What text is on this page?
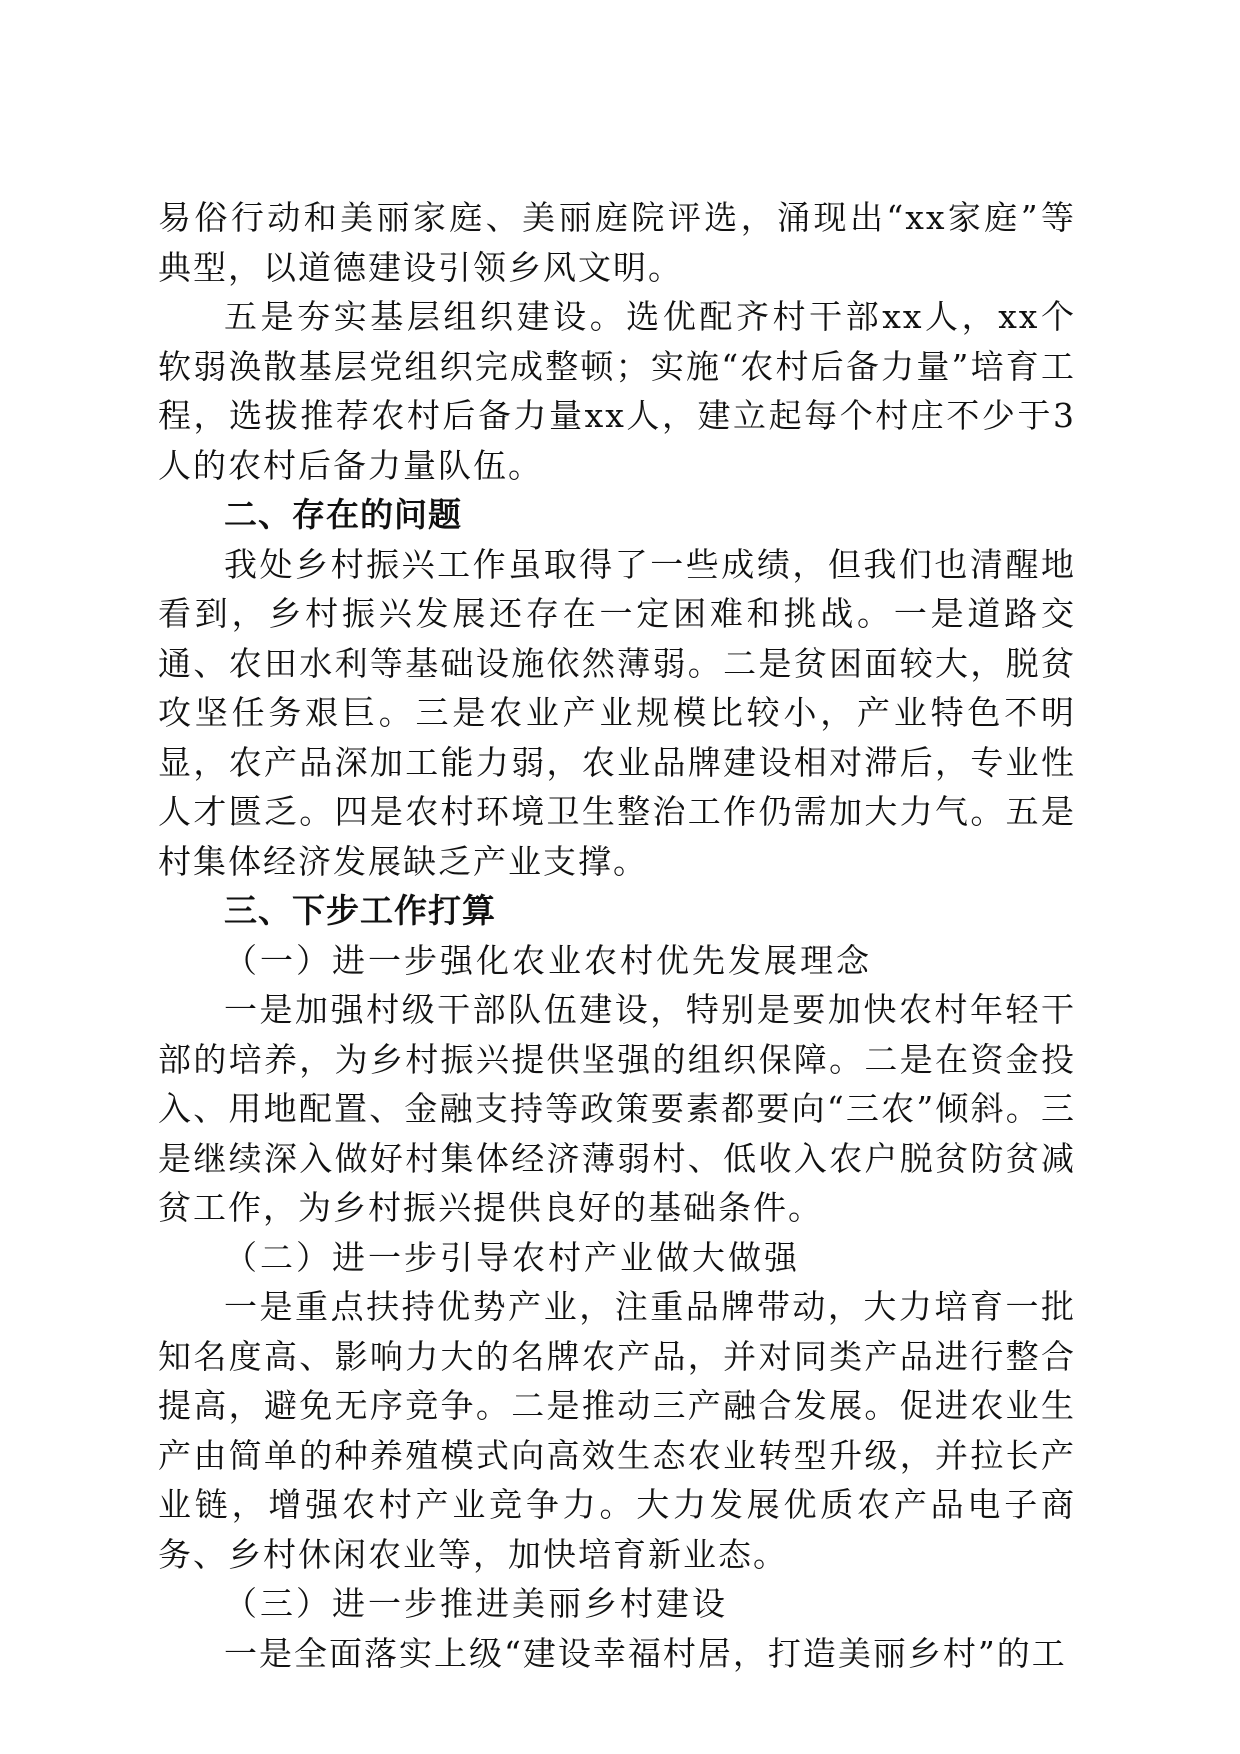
易俗行动和美丽家庭、美丽庭院评选，涌现出“xx家庭”等典型，以道德建设引领乡风文明。

五是夯实基层组织建设。选优配齐村干部xx人，xx个软弱涣散基层党组织完成整顿；实施“农村后备力量”培育工程，选拔推荐农村后备力量xx人，建立起每个村庄不少于3人的农村后备力量队伍。

二、存在的问题

我处乡村振兴工作虽取得了一些成绩，但我们也清醒地看到，乡村振兴发展还存在一定困难和挑战。一是道路交通、农田水利等基础设施依然薄弱。二是贫困面较大，脱贫攻坚任务艰巨。三是农业产业规模比较小，产业特色不明显，农产品深加工能力弱，农业品牌建设相对滞后，专业性人才匮乏。四是农村环境卫生整治工作仍需加大力气。五是村集体经济发展缺乏产业支撑。

三、下步工作打算

（一）进一步强化农业农村优先发展理念

一是加强村级干部队伍建设，特别是要加快农村年轻干部的培养，为乡村振兴提供坚强的组织保障。二是在资金投入、用地配置、金融支持等政策要素都要向“三农”倾斜。三是继续深入做好村集体经济薄弱村、低收入农户脱贫防贫减贫工作，为乡村振兴提供良好的基础条件。

（二）进一步引导农村产业做大做强

一是重点扶持优势产业，注重品牌带动，大力培育一批知名度高、影响力大的名牌农产品，并对同类产品进行整合提高，避免无序竞争。二是推动三产融合发展。促进农业生产由简单的种养殖模式向高效生态农业转型升级，并拉长产业链，增强农村产业竞争力。大力发展优质农产品电子商务、乡村休闲农业等，加快培育新业态。

（三）进一步推进美丽乡村建设

一是全面落实上级“建设幸福村居，打造美丽乡村”的工
